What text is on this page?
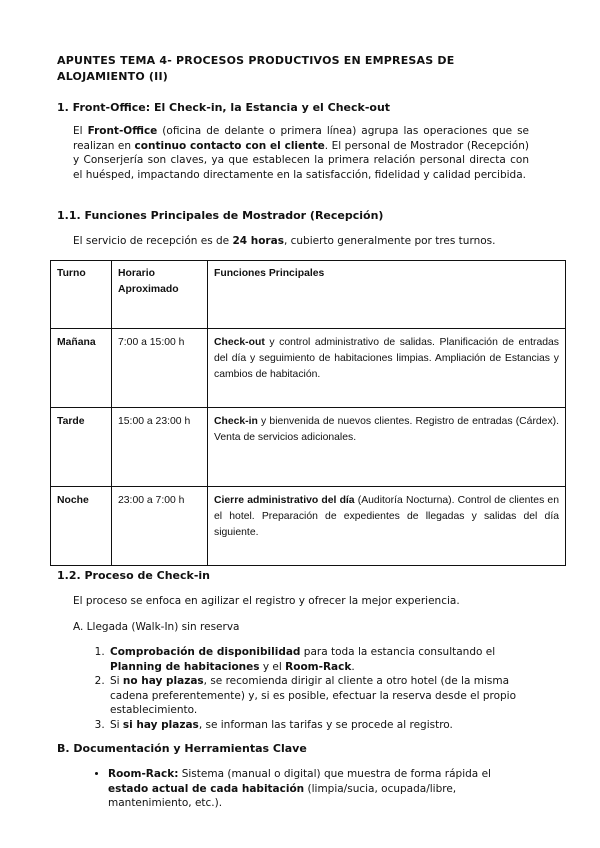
APUNTES TEMA 4- PROCESOS PRODUCTIVOS EN EMPRESAS DE ALOJAMIENTO (II)
1. Front-Office: El Check-in, la Estancia y el Check-out
El Front-Office (oficina de delante o primera línea) agrupa las operaciones que se realizan en continuo contacto con el cliente. El personal de Mostrador (Recepción) y Conserjería son claves, ya que establecen la primera relación personal directa con el huésped, impactando directamente en la satisfacción, fidelidad y calidad percibida.
1.1. Funciones Principales de Mostrador (Recepción)
El servicio de recepción es de 24 horas, cubierto generalmente por tres turnos.
Turno	Horario Aproximado	Funciones Principales
Mañana	7:00 a 15:00 h	Check-out y control administrativo de salidas. Planificación de entradas del día y seguimiento de habitaciones limpias. Ampliación de Estancias y cambios de habitación.
Tarde	15:00 a 23:00 h	Check-in y bienvenida de nuevos clientes. Registro de entradas (Cárdex). Venta de servicios adicionales.
Noche	23:00 a 7:00 h	Cierre administrativo del día (Auditoría Nocturna). Control de clientes en el hotel. Preparación de expedientes de llegadas y salidas del día siguiente.
1.2. Proceso de Check-in
El proceso se enfoca en agilizar el registro y ofrecer la mejor experiencia.
A. Llegada (Walk-In) sin reserva
1. Comprobación de disponibilidad para toda la estancia consultando el Planning de habitaciones y el Room-Rack.
2. Si no hay plazas, se recomienda dirigir al cliente a otro hotel (de la misma cadena preferentemente) y, si es posible, efectuar la reserva desde el propio establecimiento.
3. Si si hay plazas, se informan las tarifas y se procede al registro.
B. Documentación y Herramientas Clave
• Room-Rack: Sistema (manual o digital) que muestra de forma rápida el estado actual de cada habitación (limpia/sucia, ocupada/libre, mantenimiento, etc.).
